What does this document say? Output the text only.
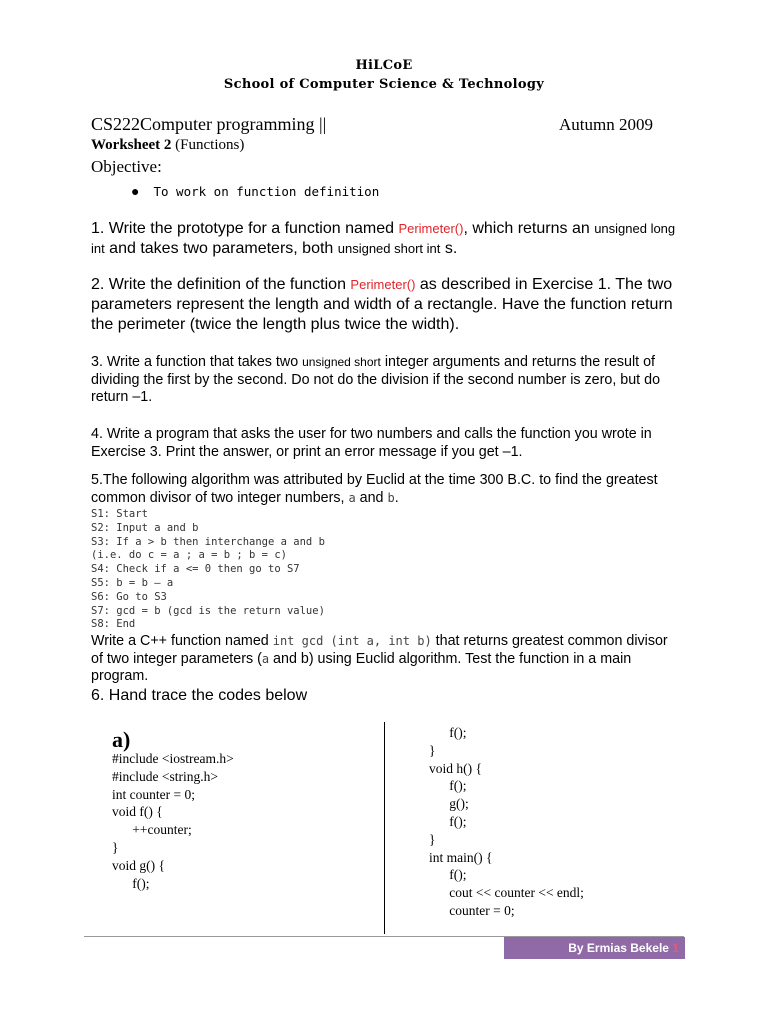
HiLCoE
School of Computer Science & Technology
CS222Computer programming ||	Autumn 2009
Worksheet 2 (Functions)
Objective:
● To work on function definition
1. Write the prototype for a function named Perimeter(), which returns an unsigned long int and takes two parameters, both unsigned short int s.
2. Write the definition of the function Perimeter() as described in Exercise 1. The two parameters represent the length and width of a rectangle. Have the function return the perimeter (twice the length plus twice the width).
3. Write a function that takes two unsigned short integer arguments and returns the result of dividing the first by the second. Do not do the division if the second number is zero, but do return –1.
4. Write a program that asks the user for two numbers and calls the function you wrote in Exercise 3. Print the answer, or print an error message if you get –1.
5.The following algorithm was attributed by Euclid at the time 300 B.C. to find the greatest common divisor of two integer numbers, a and b.
S1: Start
S2: Input a and b
S3: If a > b then interchange a and b
(i.e. do c = a ; a = b ; b = c)
S4: Check if a <= 0 then go to S7
S5: b = b – a
S6: Go to S3
S7: gcd = b (gcd is the return value)
S8: End
Write a C++ function named int gcd (int a, int b) that returns greatest common divisor of two integer parameters (a and b) using Euclid algorithm. Test the function in a main program.
6. Hand trace the codes below
a)
#include <iostream.h>
#include <string.h>
int counter = 0;
void f() {
++counter;
}
void g() {
f();
f();
}
void h() {
f();
g();
f();
}
int main() {
f();
cout << counter << endl;
counter = 0;
By Ermias Bekele 1
